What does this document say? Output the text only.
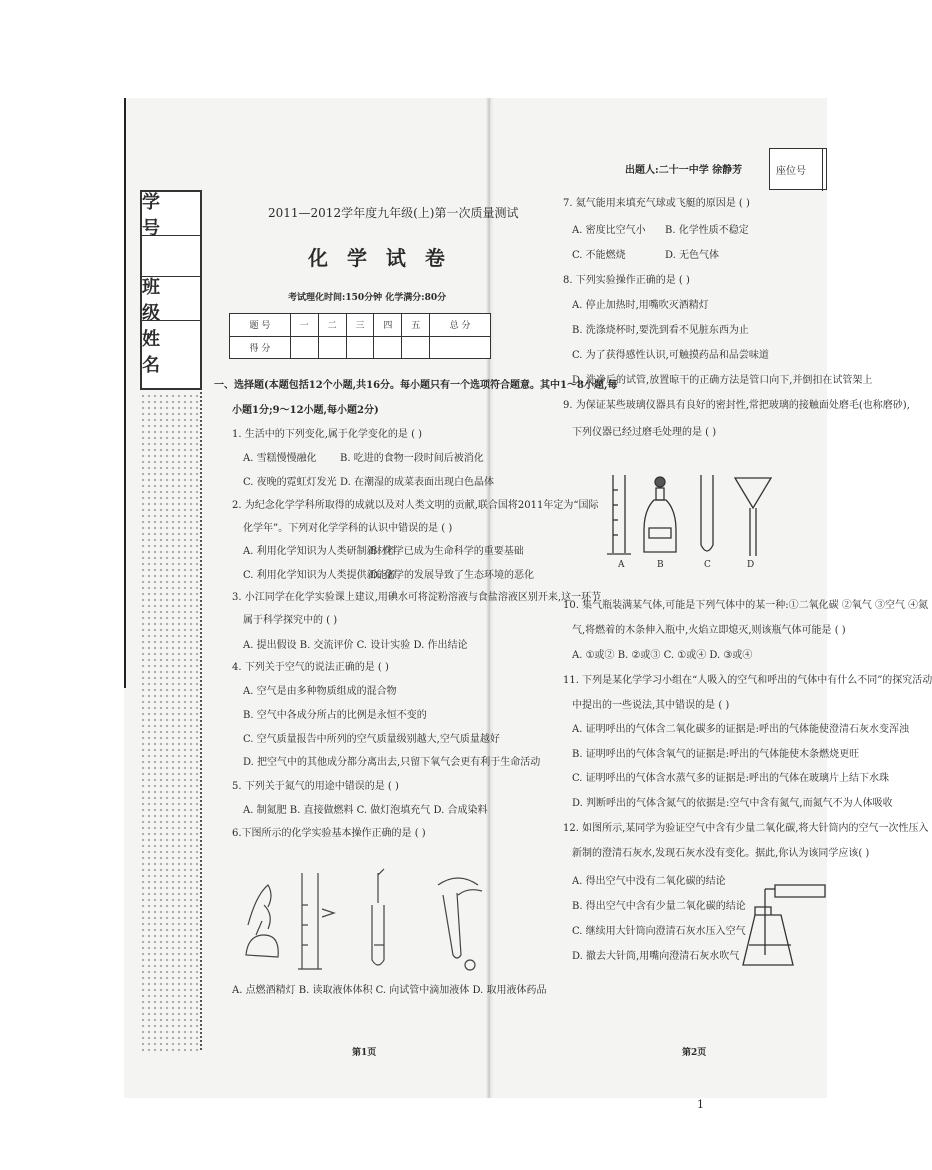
学 号
班 级
姓 名
2011—2012学年度九年级(上)第一次质量测试
化 学 试 卷
考试理化时间:150分钟 化学满分:80分
题 号	一	二	三	四	五	总 分
得 分						
一、选择题(本题包括12个小题,共16分。每小题只有一个选项符合题意。其中1～8小题,每
小题1分;9～12小题,每小题2分)
1. 生活中的下列变化,属于化学变化的是 ( )
A. 雪糕慢慢融化 B. 吃进的食物一段时间后被消化
C. 夜晚的霓虹灯发光 D. 在潮湿的成菜表面出现白色晶体
2. 为纪念化学学科所取得的成就以及对人类文明的贡献,联合国将2011年定为“国际
化学年”。下列对化学学科的认识中错误的是 ( )
A. 利用化学知识为人类研制新材料
B. 化学已成为生命科学的重要基础
C. 利用化学知识为人类提供新能源
D. 化学的发展导致了生态环境的恶化
3. 小江同学在化学实验课上建议,用碘水可将淀粉溶液与食盐溶液区别开来,这一环节
属于科学探究中的 ( )
A. 提出假设 B. 交流评价 C. 设计实验 D. 作出结论
4. 下列关于空气的说法正确的是 ( )
A. 空气是由多种物质组成的混合物
B. 空气中各成分所占的比例是永恒不变的
C. 空气质量报告中所列的空气质量级别越大,空气质量越好
D. 把空气中的其他成分都分离出去,只留下氧气会更有利于生命活动
5. 下列关于氮气的用途中错误的是 ( )
A. 制氮肥 B. 直接做燃料 C. 做灯泡填充气 D. 合成染料
6.下图所示的化学实验基本操作正确的是 ( )
A. 点燃酒精灯 B. 读取液体体积 C. 向试管中滴加液体 D. 取用液体药品
第1页
出题人:二十一中学 徐静芳	座位号
7. 氦气能用来填充气球或飞艇的原因是 ( )
A. 密度比空气小 B. 化学性质不稳定
C. 不能燃烧	D. 无色气体
8. 下列实验操作正确的是 ( )
A. 停止加热时,用嘴吹灭酒精灯
B. 洗涤烧杯时,要洗到看不见脏东西为止
C. 为了获得感性认识,可触摸药品和品尝味道
D. 洗净后的试管,放置晾干的正确方法是管口向下,并倒扣在试管架上
9. 为保证某些玻璃仪器具有良好的密封性,常把玻璃的接触面处磨毛(也称磨砂),
下列仪器已经过磨毛处理的是 ( )
A	B	C	D
10. 集气瓶装满某气体,可能是下列气体中的某一种:①二氧化碳 ②氧气 ③空气 ④氮
气,将燃着的木条伸入瓶中,火焰立即熄灭,则该瓶气体可能是 ( )
A. ①或② B. ②或③ C. ①或④ D. ③或④
11. 下列是某化学学习小组在“人吸入的空气和呼出的气体中有什么不同”的探究活动
中提出的一些说法,其中错误的是 ( )
A. 证明呼出的气体含二氧化碳多的证据是:呼出的气体能使澄清石灰水变浑浊
B. 证明呼出的气体含氧气的证据是:呼出的气体能使木条燃烧更旺
C. 证明呼出的气体含水蒸气多的证据是:呼出的气体在玻璃片上结下水珠
D. 判断呼出的气体含氮气的依据是:空气中含有氮气,而氮气不为人体吸收
12. 如图所示,某同学为验证空气中含有少量二氧化碳,将大针筒内的空气一次性压入
新制的澄清石灰水,发现石灰水没有变化。据此,你认为该同学应该( )
A. 得出空气中没有二氧化碳的结论
B. 得出空气中含有少量二氧化碳的结论
C. 继续用大针筒向澄清石灰水压入空气
D. 撤去大针筒,用嘴向澄清石灰水吹气
第2页
1
